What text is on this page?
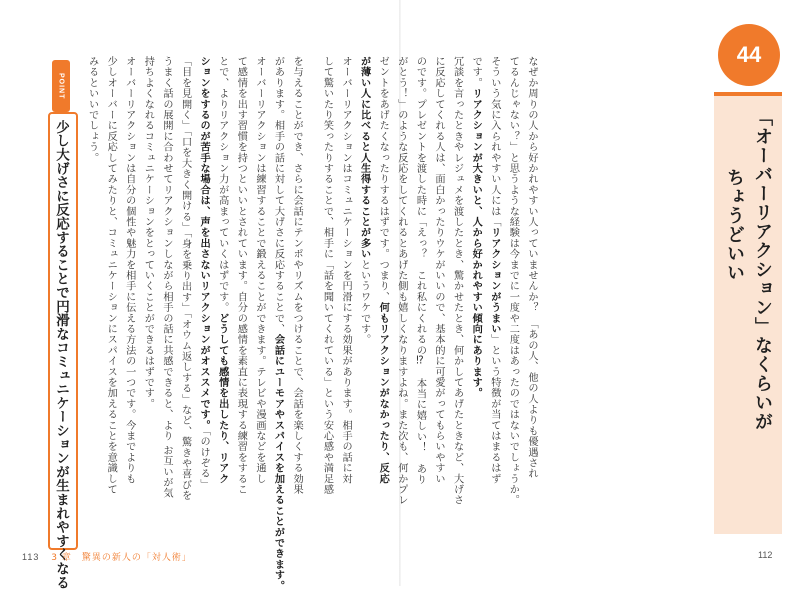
44
「オーバーリアクション」なくらいが
ちょうどいい
なぜか周りの人から好かれやすい人っていませんか？　「あの人、他の人よりも優遇され
てるんじゃない？」と思うような経験は今までに一度や二度はあったのではないでしょうか。
そういう気に入られやすい人には「リアクションがうまい」という特徴が当てはまるはず
です。リアクションが大きいと、人から好かれやすい傾向にあります。

冗談を言ったときやレジュメを渡したとき、驚かせたとき、何かしてあげたときなど、大げさ
に反応してくれる人は、面白かったりウケがいいので、基本的に可愛がってもらいやすい
のです。プレゼントを渡した時に「えっ？　これ私にくれるの⁉　本当に嬉しい！　あり
がとう！」のような反応をしてくれるとあげた側も嬉しくなりますよね。また次も、何かプレ
ゼントをあげたくなったりするはずです。つまり、何もリアクションがなかったり、反応

が薄い人に比べると人生得することが多いというワケです。

オーバーリアクションはコミュニケーションを円滑にする効果があります。相手の話に対
して驚いたり笑ったりすることで、相手に「話を聞いてくれている」という安心感や満足感

112
を与えることができ、さらに会話にテンポやリズムをつけることで、会話を楽しくする効果
があります。相手の話に対して大げさに反応することで、会話にユーモアやスパイスを加えることができます。

オーバーリアクションは練習することで鍛えることができます。テレビや漫画などを通し
て感情を出す習慣を持つといいとされています。自分の感情を素直に表現する練習をするこ
とで、よりリアクション力が高まっていくはずです。どうしても感情を出したり、リアク

ションをするのが苦手な場合は、声を出さないリアクションがオススメです。「のけぞる」
「目を見開く」「口を大きく開ける」「身を乗り出す」「オウム返しする」など、驚きや喜びを
うまく話の展開に合わせてリアクションしながら相手の話に共感できると、より お互いが気
持ちよくなれるコミュニケーションをとっていくことができるはずです。

オーバーリアクションは自分の個性や魅力を相手に伝える方法の一つです。今までよりも
少しオーバーに反応してみたりと、コミュニケーションにスパイスを加えることを意識して
みるといいでしょう。

POINT
少し大げさに反応することで円滑なコミュニケーションが生まれやすくなる
113 3 章　驚異の新人の「対人術」
